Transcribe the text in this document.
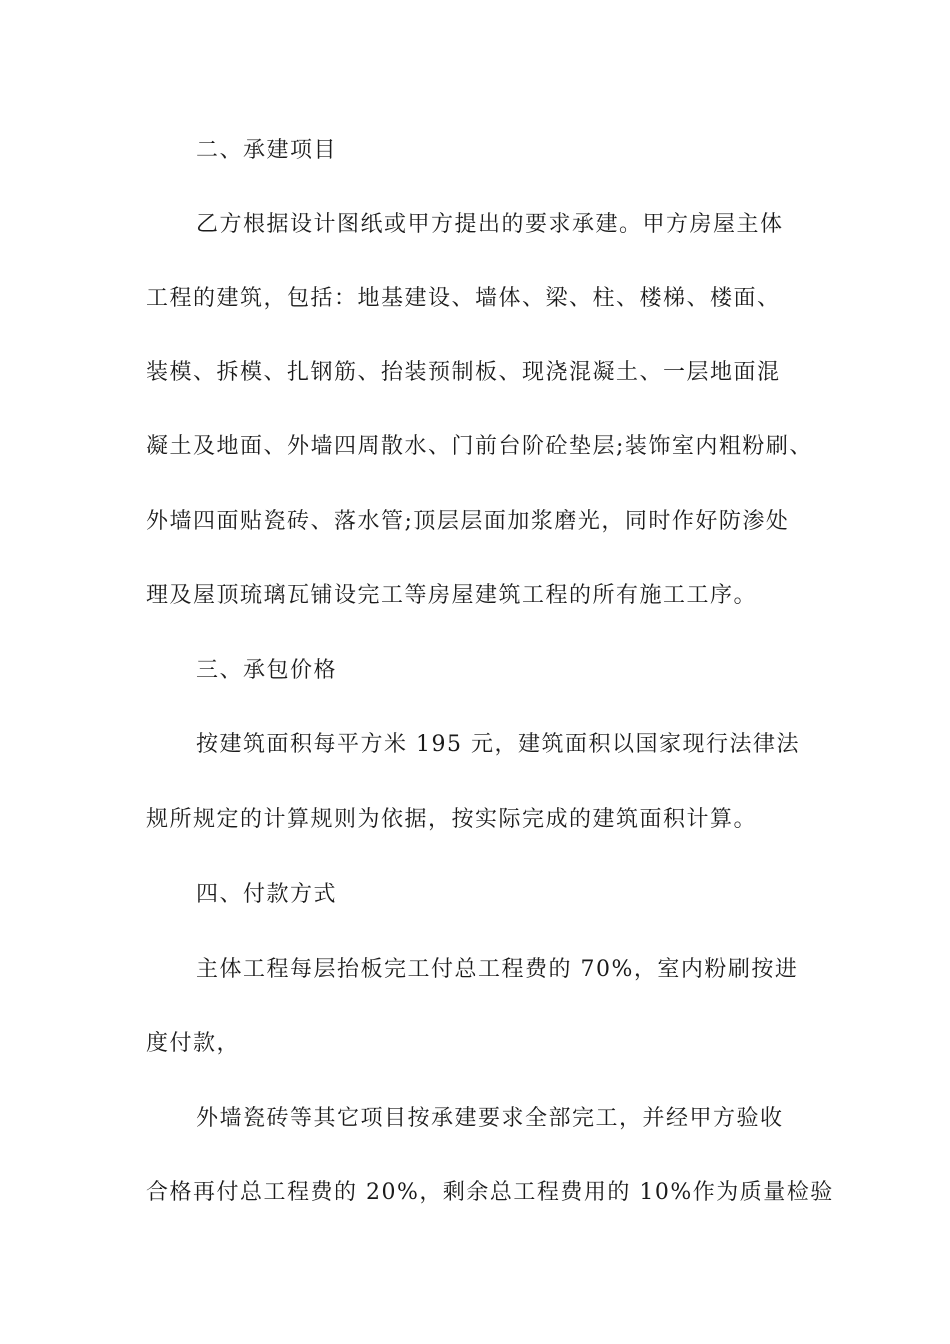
二、承建项目
乙方根据设计图纸或甲方提出的要求承建。甲方房屋主体
工程的建筑，包括：地基建设、墙体、梁、柱、楼梯、楼面、
装模、拆模、扎钢筋、抬装预制板、现浇混凝土、一层地面混
凝土及地面、外墙四周散水、门前台阶砼垫层;装饰室内粗粉刷、
外墙四面贴瓷砖、落水管;顶层层面加浆磨光，同时作好防渗处
理及屋顶琉璃瓦铺设完工等房屋建筑工程的所有施工工序。
三、承包价格
按建筑面积每平方米 195 元，建筑面积以国家现行法律法
规所规定的计算规则为依据，按实际完成的建筑面积计算。
四、付款方式
主体工程每层抬板完工付总工程费的 70%，室内粉刷按进
度付款，
外墙瓷砖等其它项目按承建要求全部完工，并经甲方验收
合格再付总工程费的 20%，剩余总工程费用的 10%作为质量检验
